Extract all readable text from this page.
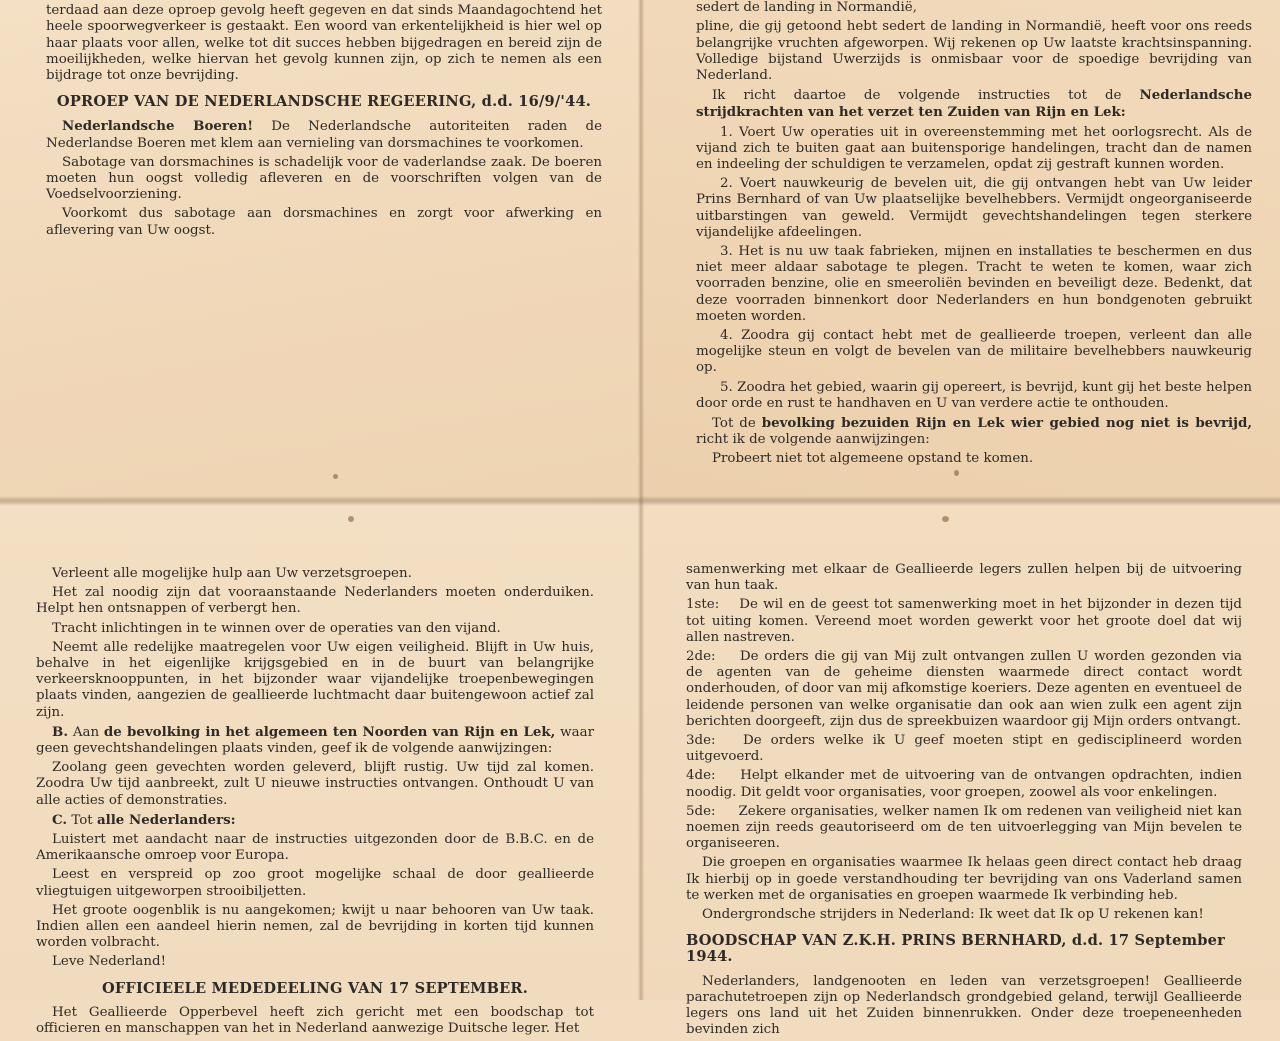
terdaad aan deze oproep gevolg heeft gegeven en dat sinds Maandagochtend het heele spoorwegverkeer is gestaakt. Een woord van erkentelijkheid is hier wel op haar plaats voor allen, welke tot dit succes hebben bijgedragen en bereid zijn de moeilijkheden, welke hiervan het gevolg kunnen zijn, op zich te nemen als een bijdrage tot onze bevrijding.

OPROEP VAN DE NEDERLANDSCHE REGEERING, d.d. 16/9/'44.

Nederlandsche Boeren! De Nederlandsche autoriteiten raden de Nederlandse Boeren met klem aan vernieling van dorsmachines te voorkomen.

Sabotage van dorsmachines is schadelijk voor de vaderlandse zaak. De boeren moeten hun oogst volledig afleveren en de voorschriften volgen van de Voedselvoorziening.

Voorkomt dus sabotage aan dorsmachines en zorgt voor afwerking en aflevering van Uw oogst.

sedert de landing in Normandië,

pline, die gij getoond hebt sedert de landing in Normandië, heeft voor ons reeds belangrijke vruchten afgeworpen. Wij rekenen op Uw laatste krachtsinspanning. Volledige bijstand Uwerzijds is onmisbaar voor de spoedige bevrijding van Nederland.

Ik richt daartoe de volgende instructies tot de Nederlandsche strijdkrachten van het verzet ten Zuiden van Rijn en Lek:

1. Voert Uw operaties uit in overeenstemming met het oorlogsrecht. Als de vijand zich te buiten gaat aan buitensporige handelingen, tracht dan de namen en indeeling der schuldigen te verzamelen, opdat zij gestraft kunnen worden.

2. Voert nauwkeurig de bevelen uit, die gij ontvangen hebt van Uw leider Prins Bernhard of van Uw plaatselijke bevelhebbers. Vermijdt ongeorganiseerde uitbarstingen van geweld. Vermijdt gevechtshandelingen tegen sterkere vijandelijke afdeelingen.

3. Het is nu uw taak fabrieken, mijnen en installaties te beschermen en dus niet meer aldaar sabotage te plegen. Tracht te weten te komen, waar zich voorraden benzine, olie en smeeroliën bevinden en beveiligt deze. Bedenkt, dat deze voorraden binnenkort door Nederlanders en hun bondgenoten gebruikt moeten worden.

4. Zoodra gij contact hebt met de geallieerde troepen, verleent dan alle mogelijke steun en volgt de bevelen van de militaire bevelhebbers nauwkeurig op.

5. Zoodra het gebied, waarin gij opereert, is bevrijd, kunt gij het beste helpen door orde en rust te handhaven en U van verdere actie te onthouden.

Tot de bevolking bezuiden Rijn en Lek wier gebied nog niet is bevrijd, richt ik de volgende aanwijzingen:

Probeert niet tot algemeene opstand te komen.

Verleent alle mogelijke hulp aan Uw verzetsgroepen.

Het zal noodig zijn dat vooraanstaande Nederlanders moeten onderduiken. Helpt hen ontsnappen of verbergt hen.

Tracht inlichtingen in te winnen over de operaties van den vijand.

Neemt alle redelijke maatregelen voor Uw eigen veiligheid. Blijft in Uw huis, behalve in het eigenlijke krijgsgebied en in de buurt van belangrijke verkeersknooppunten, in het bijzonder waar vijandelijke troepenbewegingen plaats vinden, aangezien de geallieerde luchtmacht daar buitengewoon actief zal zijn.

B. Aan de bevolking in het algemeen ten Noorden van Rijn en Lek, waar geen gevechtshandelingen plaats vinden, geef ik de volgende aanwijzingen:

Zoolang geen gevechten worden geleverd, blijft rustig. Uw tijd zal komen. Zoodra Uw tijd aanbreekt, zult U nieuwe instructies ontvangen. Onthoudt U van alle acties of demonstraties.

C. Tot alle Nederlanders:

Luistert met aandacht naar de instructies uitgezonden door de B.B.C. en de Amerikaansche omroep voor Europa.

Leest en verspreid op zoo groot mogelijke schaal de door geallieerde vliegtuigen uitgeworpen strooibiljetten.

Het groote oogenblik is nu aangekomen; kwijt u naar behooren van Uw taak. Indien allen een aandeel hierin nemen, zal de bevrijding in korten tijd kunnen worden volbracht.

Leve Nederland!

OFFICIEELE MEDEDEELING VAN 17 SEPTEMBER.

Het Geallieerde Opperbevel heeft zich gericht met een boodschap tot officieren en manschappen van het in Nederland aanwezige Duitsche leger. Het

samenwerking met elkaar de Geallieerde legers zullen helpen bij de uitvoering van hun taak.

1ste: De wil en de geest tot samenwerking moet in het bijzonder in dezen tijd tot uiting komen. Vereend moet worden gewerkt voor het groote doel dat wij allen nastreven.

2de: De orders die gij van Mij zult ontvangen zullen U worden gezonden via de agenten van de geheime diensten waarmede direct contact wordt onderhouden, of door van mij afkomstige koeriers. Deze agenten en eventueel de leidende personen van welke organisatie dan ook aan wien zulk een agent zijn berichten doorgeeft, zijn dus de spreekbuizen waardoor gij Mijn orders ontvangt.

3de: De orders welke ik U geef moeten stipt en gedisciplineerd worden uitgevoerd.

4de: Helpt elkander met de uitvoering van de ontvangen opdrachten, indien noodig. Dit geldt voor organisaties, voor groepen, zoowel als voor enkelingen.

5de: Zekere organisaties, welker namen Ik om redenen van veiligheid niet kan noemen zijn reeds geautoriseerd om de ten uitvoerlegging van Mijn bevelen te organiseeren.

Die groepen en organisaties waarmee Ik helaas geen direct contact heb draag Ik hierbij op in goede verstandhouding ter bevrijding van ons Vaderland samen te werken met de organisaties en groepen waarmede Ik verbinding heb.

Ondergrondsche strijders in Nederland: Ik weet dat Ik op U rekenen kan!

BOODSCHAP VAN Z.K.H. PRINS BERNHARD, d.d. 17 September 1944.

Nederlanders, landgenooten en leden van verzetsgroepen! Geallieerde parachutetroepen zijn op Nederlandsch grondgebied geland, terwijl Geallieerde legers ons land uit het Zuiden binnenrukken. Onder deze troepeneenheden bevinden zich
